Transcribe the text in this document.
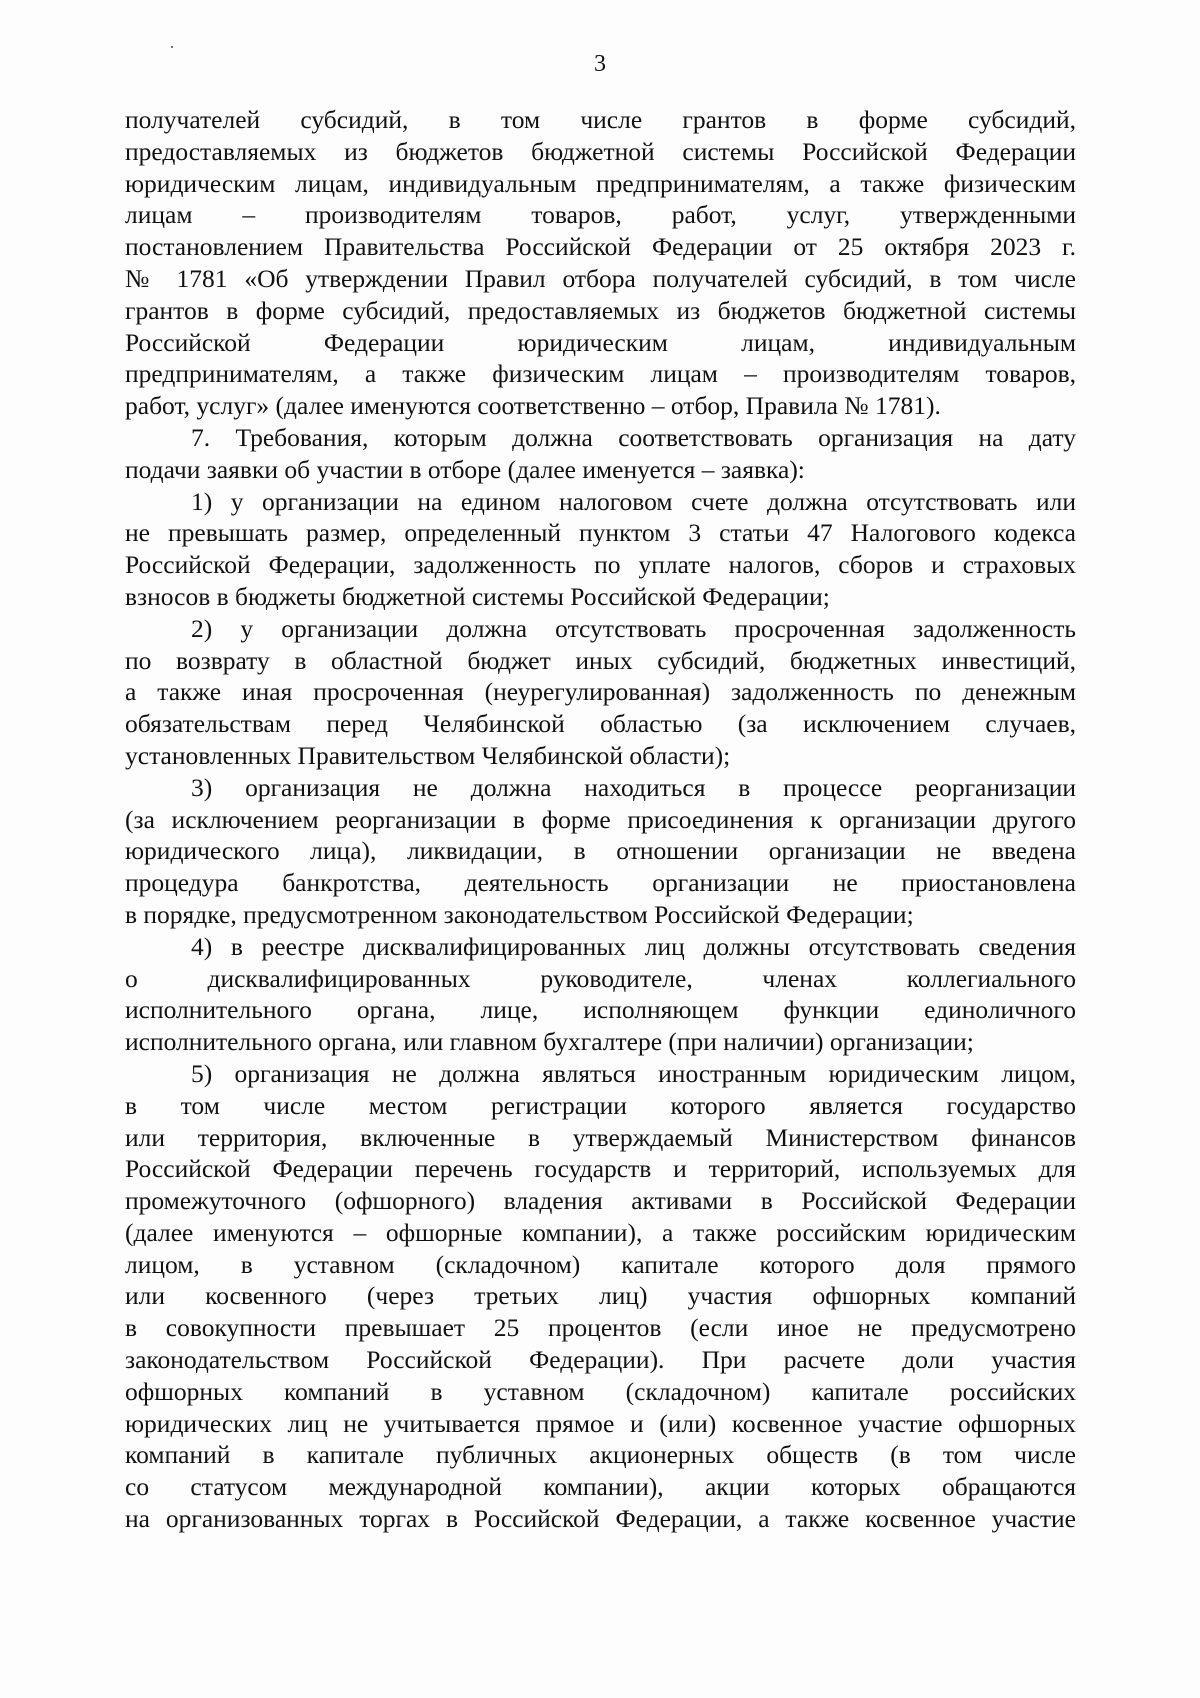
3
получателей субсидий, в том числе грантов в форме субсидий,
предоставляемых из бюджетов бюджетной системы Российской Федерации
юридическим лицам, индивидуальным предпринимателям, а также физическим
лицам – производителям товаров, работ, услуг, утвержденными
постановлением Правительства Российской Федерации от 25 октября 2023 г.
№ 1781 «Об утверждении Правил отбора получателей субсидий, в том числе
грантов в форме субсидий, предоставляемых из бюджетов бюджетной системы
Российской Федерации юридическим лицам, индивидуальным
предпринимателям, а также физическим лицам – производителям товаров,
работ, услуг» (далее именуются соответственно – отбор, Правила № 1781).
7. Требования, которым должна соответствовать организация на дату
подачи заявки об участии в отборе (далее именуется – заявка):
1) у организации на едином налоговом счете должна отсутствовать или
не превышать размер, определенный пунктом 3 статьи 47 Налогового кодекса
Российской Федерации, задолженность по уплате налогов, сборов и страховых
взносов в бюджеты бюджетной системы Российской Федерации;
2) у организации должна отсутствовать просроченная задолженность
по возврату в областной бюджет иных субсидий, бюджетных инвестиций,
а также иная просроченная (неурегулированная) задолженность по денежным
обязательствам перед Челябинской областью (за исключением случаев,
установленных Правительством Челябинской области);
3) организация не должна находиться в процессе реорганизации
(за исключением реорганизации в форме присоединения к организации другого
юридического лица), ликвидации, в отношении организации не введена
процедура банкротства, деятельность организации не приостановлена
в порядке, предусмотренном законодательством Российской Федерации;
4) в реестре дисквалифицированных лиц должны отсутствовать сведения
о дисквалифицированных руководителе, членах коллегиального
исполнительного органа, лице, исполняющем функции единоличного
исполнительного органа, или главном бухгалтере (при наличии) организации;
5) организация не должна являться иностранным юридическим лицом,
в том числе местом регистрации которого является государство
или территория, включенные в утверждаемый Министерством финансов
Российской Федерации перечень государств и территорий, используемых для
промежуточного (офшорного) владения активами в Российской Федерации
(далее именуются – офшорные компании), а также российским юридическим
лицом, в уставном (складочном) капитале которого доля прямого
или косвенного (через третьих лиц) участия офшорных компаний
в совокупности превышает 25 процентов (если иное не предусмотрено
законодательством Российской Федерации). При расчете доли участия
офшорных компаний в уставном (складочном) капитале российских
юридических лиц не учитывается прямое и (или) косвенное участие офшорных
компаний в капитале публичных акционерных обществ (в том числе
со статусом международной компании), акции которых обращаются
на организованных торгах в Российской Федерации, а также косвенное участие
